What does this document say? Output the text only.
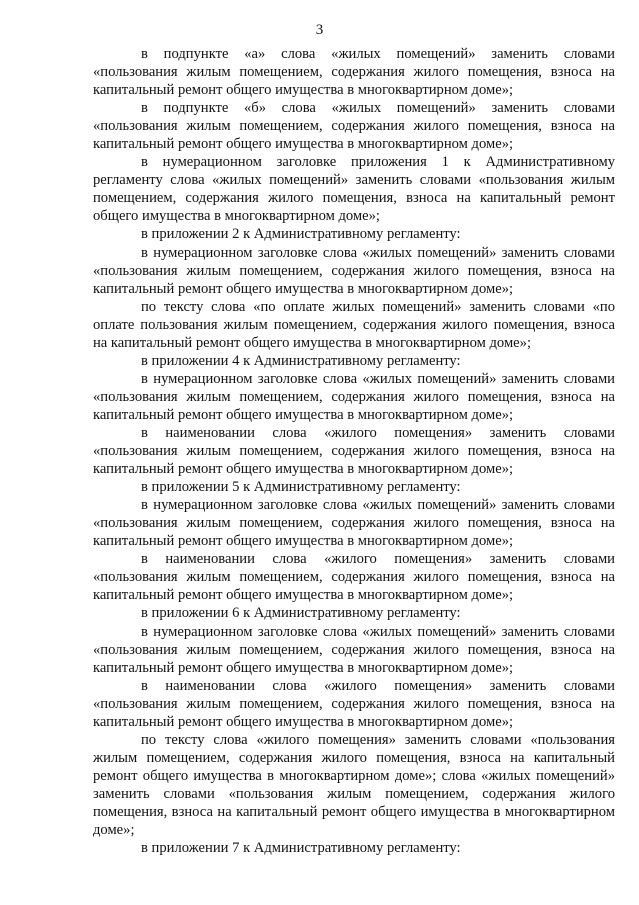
3

в подпункте «а» слова «жилых помещений» заменить словами «пользования жилым помещением, содержания жилого помещения, взноса на капитальный ремонт общего имущества в многоквартирном доме»;

в подпункте «б» слова «жилых помещений» заменить словами «пользования жилым помещением, содержания жилого помещения, взноса на капитальный ремонт общего имущества в многоквартирном доме»;

в нумерационном заголовке приложения 1 к Административному регламенту слова «жилых помещений» заменить словами «пользования жилым помещением, содержания жилого помещения, взноса на капитальный ремонт общего имущества в многоквартирном доме»;

в приложении 2 к Административному регламенту:

в нумерационном заголовке слова «жилых помещений» заменить словами «пользования жилым помещением, содержания жилого помещения, взноса на капитальный ремонт общего имущества в многоквартирном доме»;

по тексту слова «по оплате жилых помещений» заменить словами «по оплате пользования жилым помещением, содержания жилого помещения, взноса на капитальный ремонт общего имущества в многоквартирном доме»;

в приложении 4 к Административному регламенту:

в нумерационном заголовке слова «жилых помещений» заменить словами «пользования жилым помещением, содержания жилого помещения, взноса на капитальный ремонт общего имущества в многоквартирном доме»;

в наименовании слова «жилого помещения» заменить словами «пользования жилым помещением, содержания жилого помещения, взноса на капитальный ремонт общего имущества в многоквартирном доме»;

в приложении 5 к Административному регламенту:

в нумерационном заголовке слова «жилых помещений» заменить словами «пользования жилым помещением, содержания жилого помещения, взноса на капитальный ремонт общего имущества в многоквартирном доме»;

в наименовании слова «жилого помещения» заменить словами «пользования жилым помещением, содержания жилого помещения, взноса на капитальный ремонт общего имущества в многоквартирном доме»;

в приложении 6 к Административному регламенту:

в нумерационном заголовке слова «жилых помещений» заменить словами «пользования жилым помещением, содержания жилого помещения, взноса на капитальный ремонт общего имущества в многоквартирном доме»;

в наименовании слова «жилого помещения» заменить словами «пользования жилым помещением, содержания жилого помещения, взноса на капитальный ремонт общего имущества в многоквартирном доме»;

по тексту слова «жилого помещения» заменить словами «пользования жилым помещением, содержания жилого помещения, взноса на капитальный ремонт общего имущества в многоквартирном доме»; слова «жилых помещений» заменить словами «пользования жилым помещением, содержания жилого помещения, взноса на капитальный ремонт общего имущества в многоквартирном доме»;

в приложении 7 к Административному регламенту:
